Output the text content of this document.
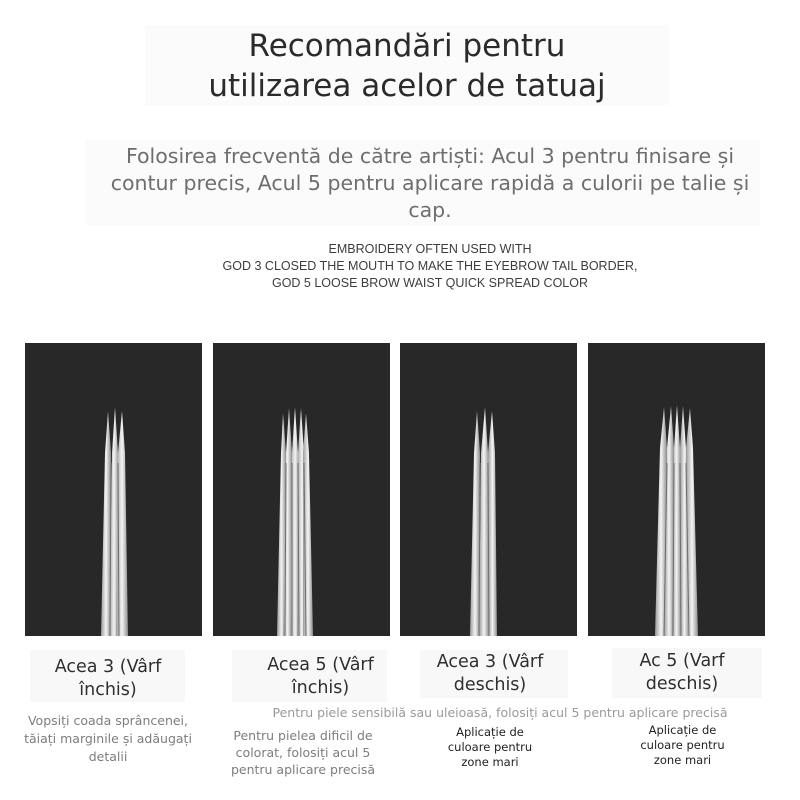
Recomandări pentru
utilizarea acelor de tatuaj
Folosirea frecventă de către artiști: Acul 3 pentru finisare și contur precis, Acul 5 pentru aplicare rapidă a culorii pe talie și cap.
EMBROIDERY OFTEN USED WITH
GOD 3 CLOSED THE MOUTH TO MAKE THE EYEBROW TAIL BORDER,
GOD 5 LOOSE BROW WAIST QUICK SPREAD COLOR
Acea 3 (Vârf închis)
Acea 5 (Vârf închis)
Acea 3 (Vârf deschis)
Ac 5 (Varf deschis)
Pentru piele sensibilă sau uleioasă, folosiți acul 5 pentru aplicare precisă
Vopsiți coada sprâncenei, tăiați marginile și adăugați detalii
Pentru pielea dificil de colorat, folosiți acul 5 pentru aplicare precisă
Aplicație de culoare pentru zone mari
Aplicație de culoare pentru zone mari
